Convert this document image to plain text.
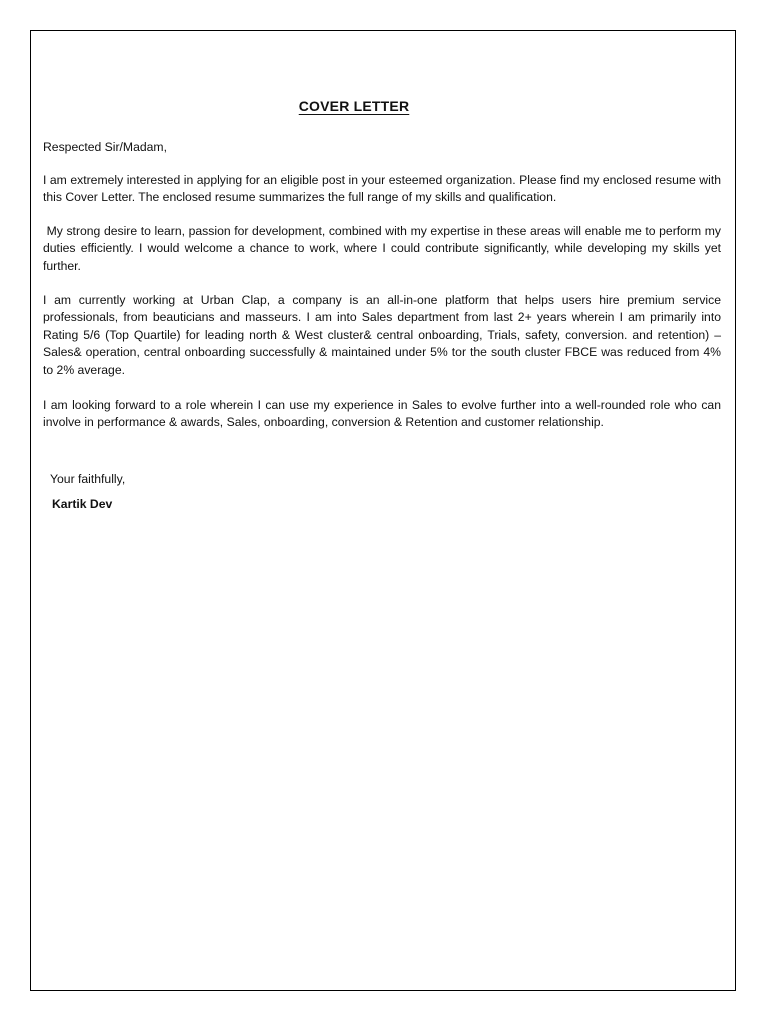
COVER LETTER
Respected Sir/Madam,

I am extremely interested in applying for an eligible post in your esteemed organization. Please find my enclosed resume with this Cover Letter. The enclosed resume summarizes the full range of my skills and qualification.

My strong desire to learn, passion for development, combined with my expertise in these areas will enable me to perform my duties efficiently. I would welcome a chance to work, where I could contribute significantly, while developing my skills yet further.

I am currently working at Urban Clap, a company is an all-in-one platform that helps users hire premium service professionals, from beauticians and masseurs. I am into Sales department from last 2+ years wherein I am primarily into Rating 5/6 (Top Quartile) for leading north & West cluster& central onboarding, Trials, safety, conversion. and retention) – Sales& operation, central onboarding successfully & maintained under 5% tor the south cluster FBCE was reduced from 4% to 2% average.

I am looking forward to a role wherein I can use my experience in Sales to evolve further into a well-rounded role who can involve in performance & awards, Sales, onboarding, conversion & Retention and customer relationship.

Your faithfully,
Kartik Dev
